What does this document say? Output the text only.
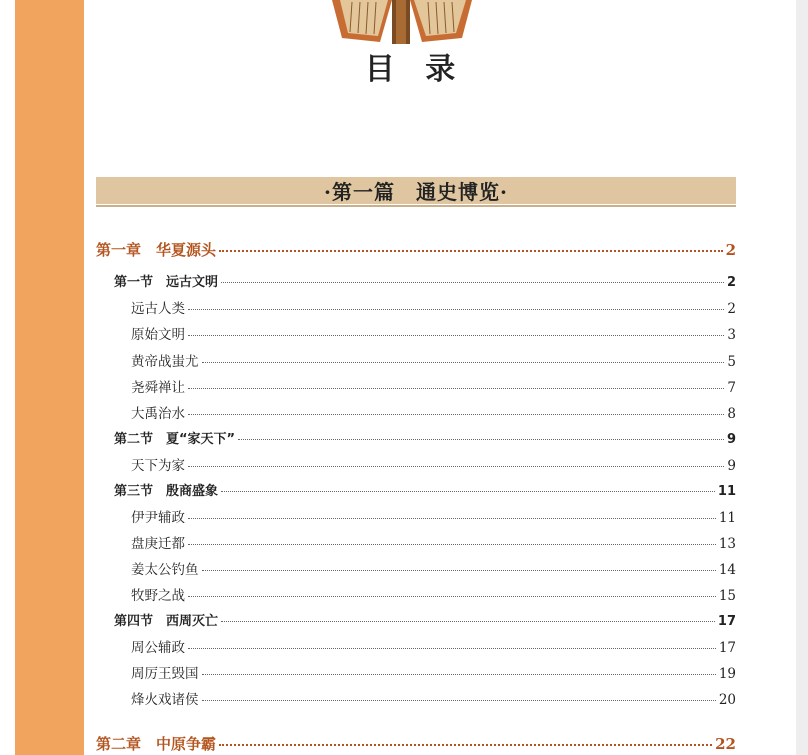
目 录
·第一篇　通史博览·
第一章　华夏源头	2
第一节　远古文明	2
远古人类	2
原始文明	3
黄帝战蚩尤	5
尧舜禅让	7
大禹治水	8
第二节　夏“家天下”	9
天下为家	9
第三节　殷商盛象	11
伊尹辅政	11
盘庚迁都	13
姜太公钓鱼	14
牧野之战	15
第四节　西周灭亡	17
周公辅政	17
周厉王毁国	19
烽火戏诸侯	20
第二章　中原争霸	22
